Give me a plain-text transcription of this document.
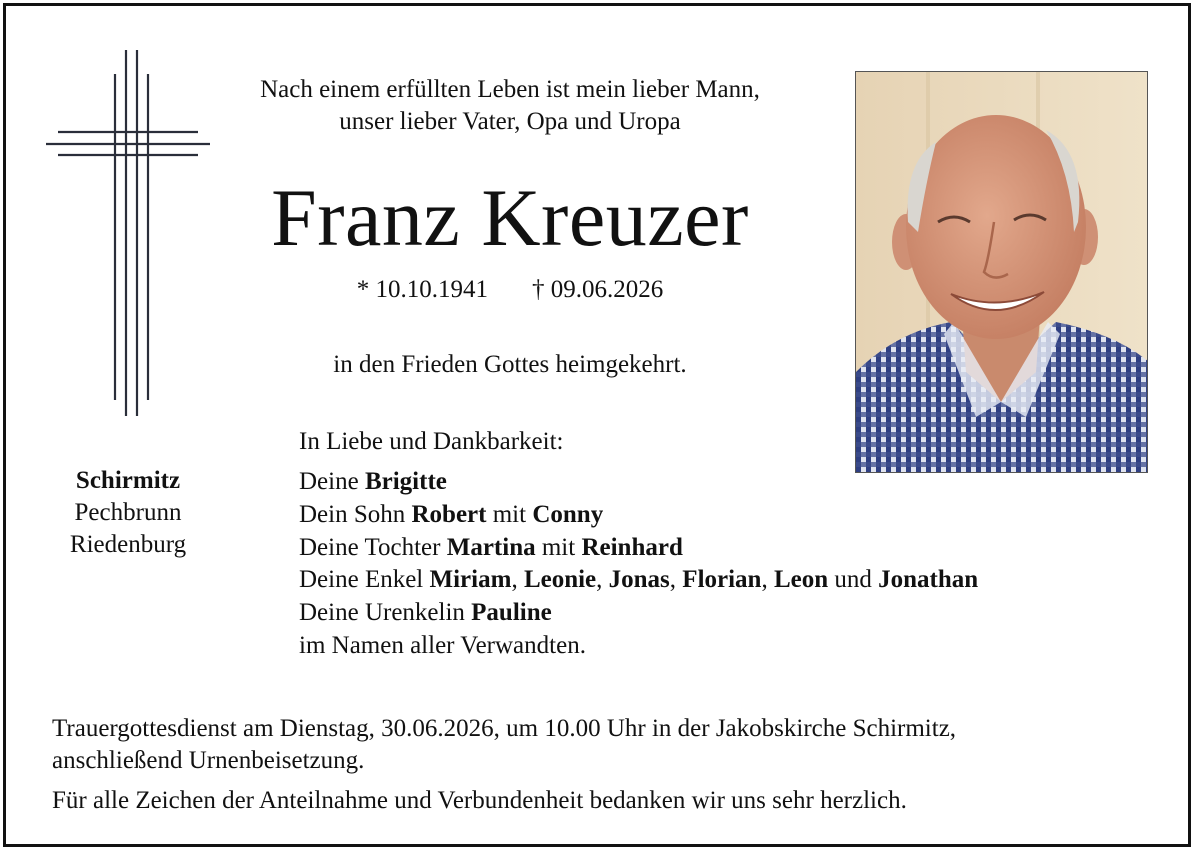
Nach einem erfüllten Leben ist mein lieber Mann,
unser lieber Vater, Opa und Uropa
Franz Kreuzer
* 10.10.1941 † 09.06.2026
in den Frieden Gottes heimgekehrt.
In Liebe und Dankbarkeit:
Schirmitz
Pechbrunn
Riedenburg
Deine Brigitte
Dein Sohn Robert mit Conny
Deine Tochter Martina mit Reinhard
Deine Enkel Miriam, Leonie, Jonas, Florian, Leon und Jonathan
Deine Urenkelin Pauline
im Namen aller Verwandten.
Trauergottesdienst am Dienstag, 30.06.2026, um 10.00 Uhr in der Jakobskirche Schirmitz,
anschließend Urnenbeisetzung.
Für alle Zeichen der Anteilnahme und Verbundenheit bedanken wir uns sehr herzlich.
